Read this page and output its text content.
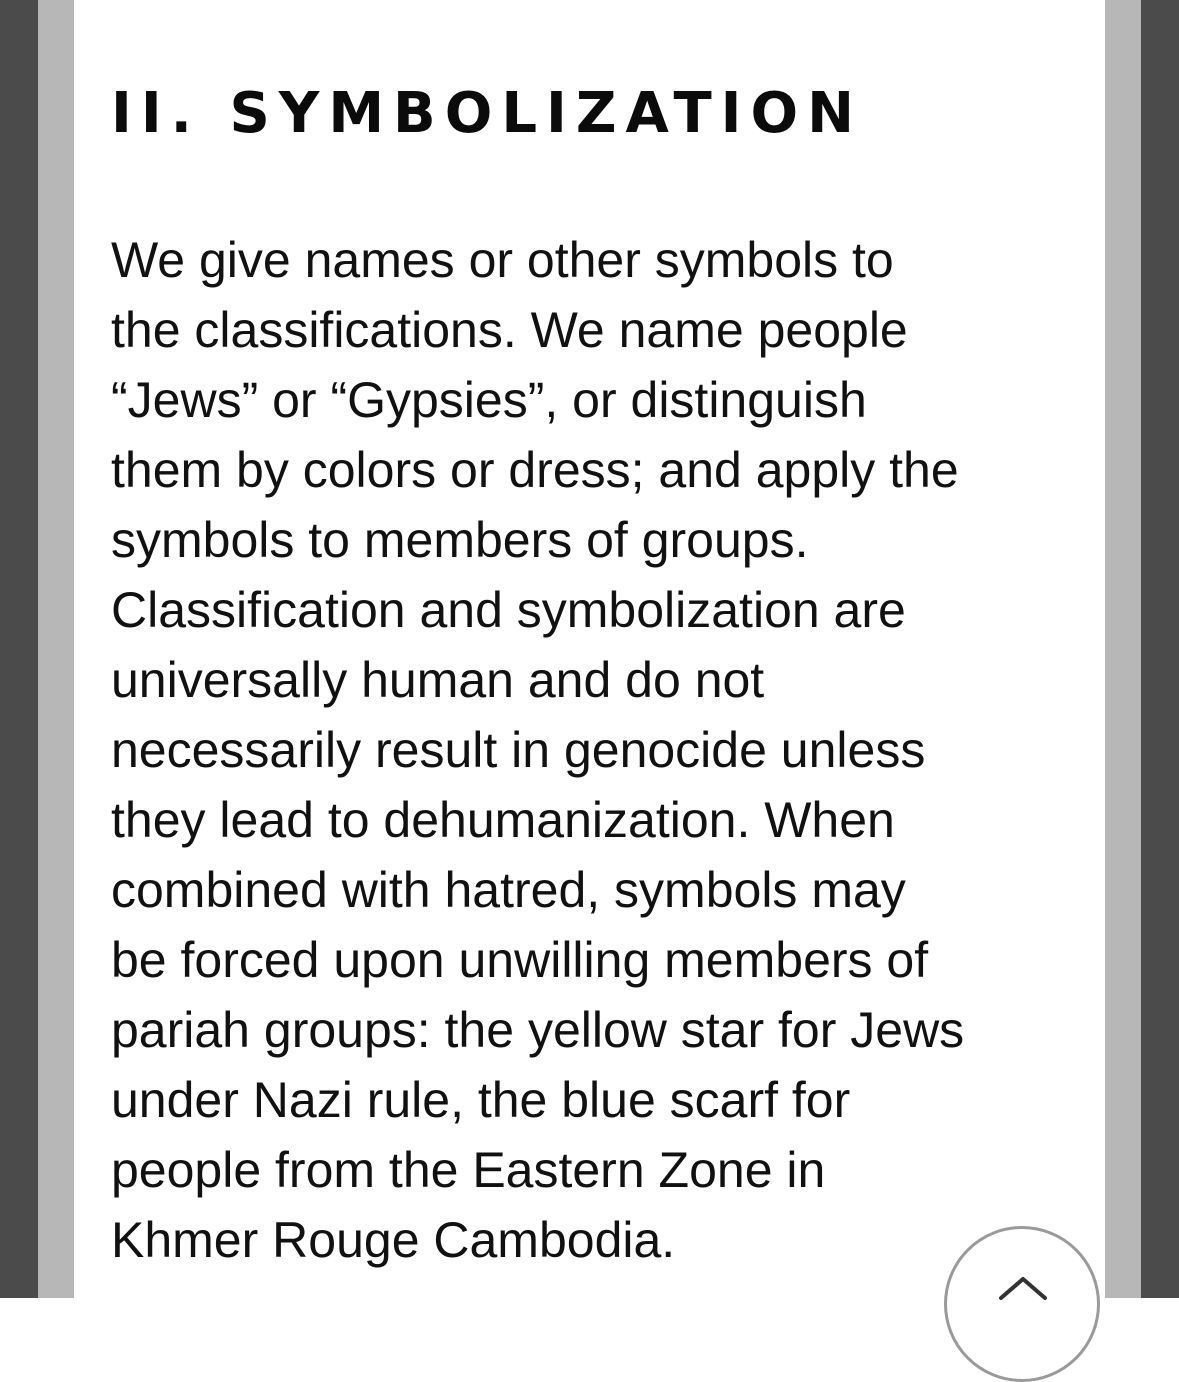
II. SYMBOLIZATION

We give names or other symbols to
the classifications. We name people
“Jews” or “Gypsies”, or distinguish
them by colors or dress; and apply the
symbols to members of groups.
Classification and symbolization are
universally human and do not
necessarily result in genocide unless
they lead to dehumanization. When
combined with hatred, symbols may
be forced upon unwilling members of
pariah groups: the yellow star for Jews
under Nazi rule, the blue scarf for
people from the Eastern Zone in
Khmer Rouge Cambodia.
